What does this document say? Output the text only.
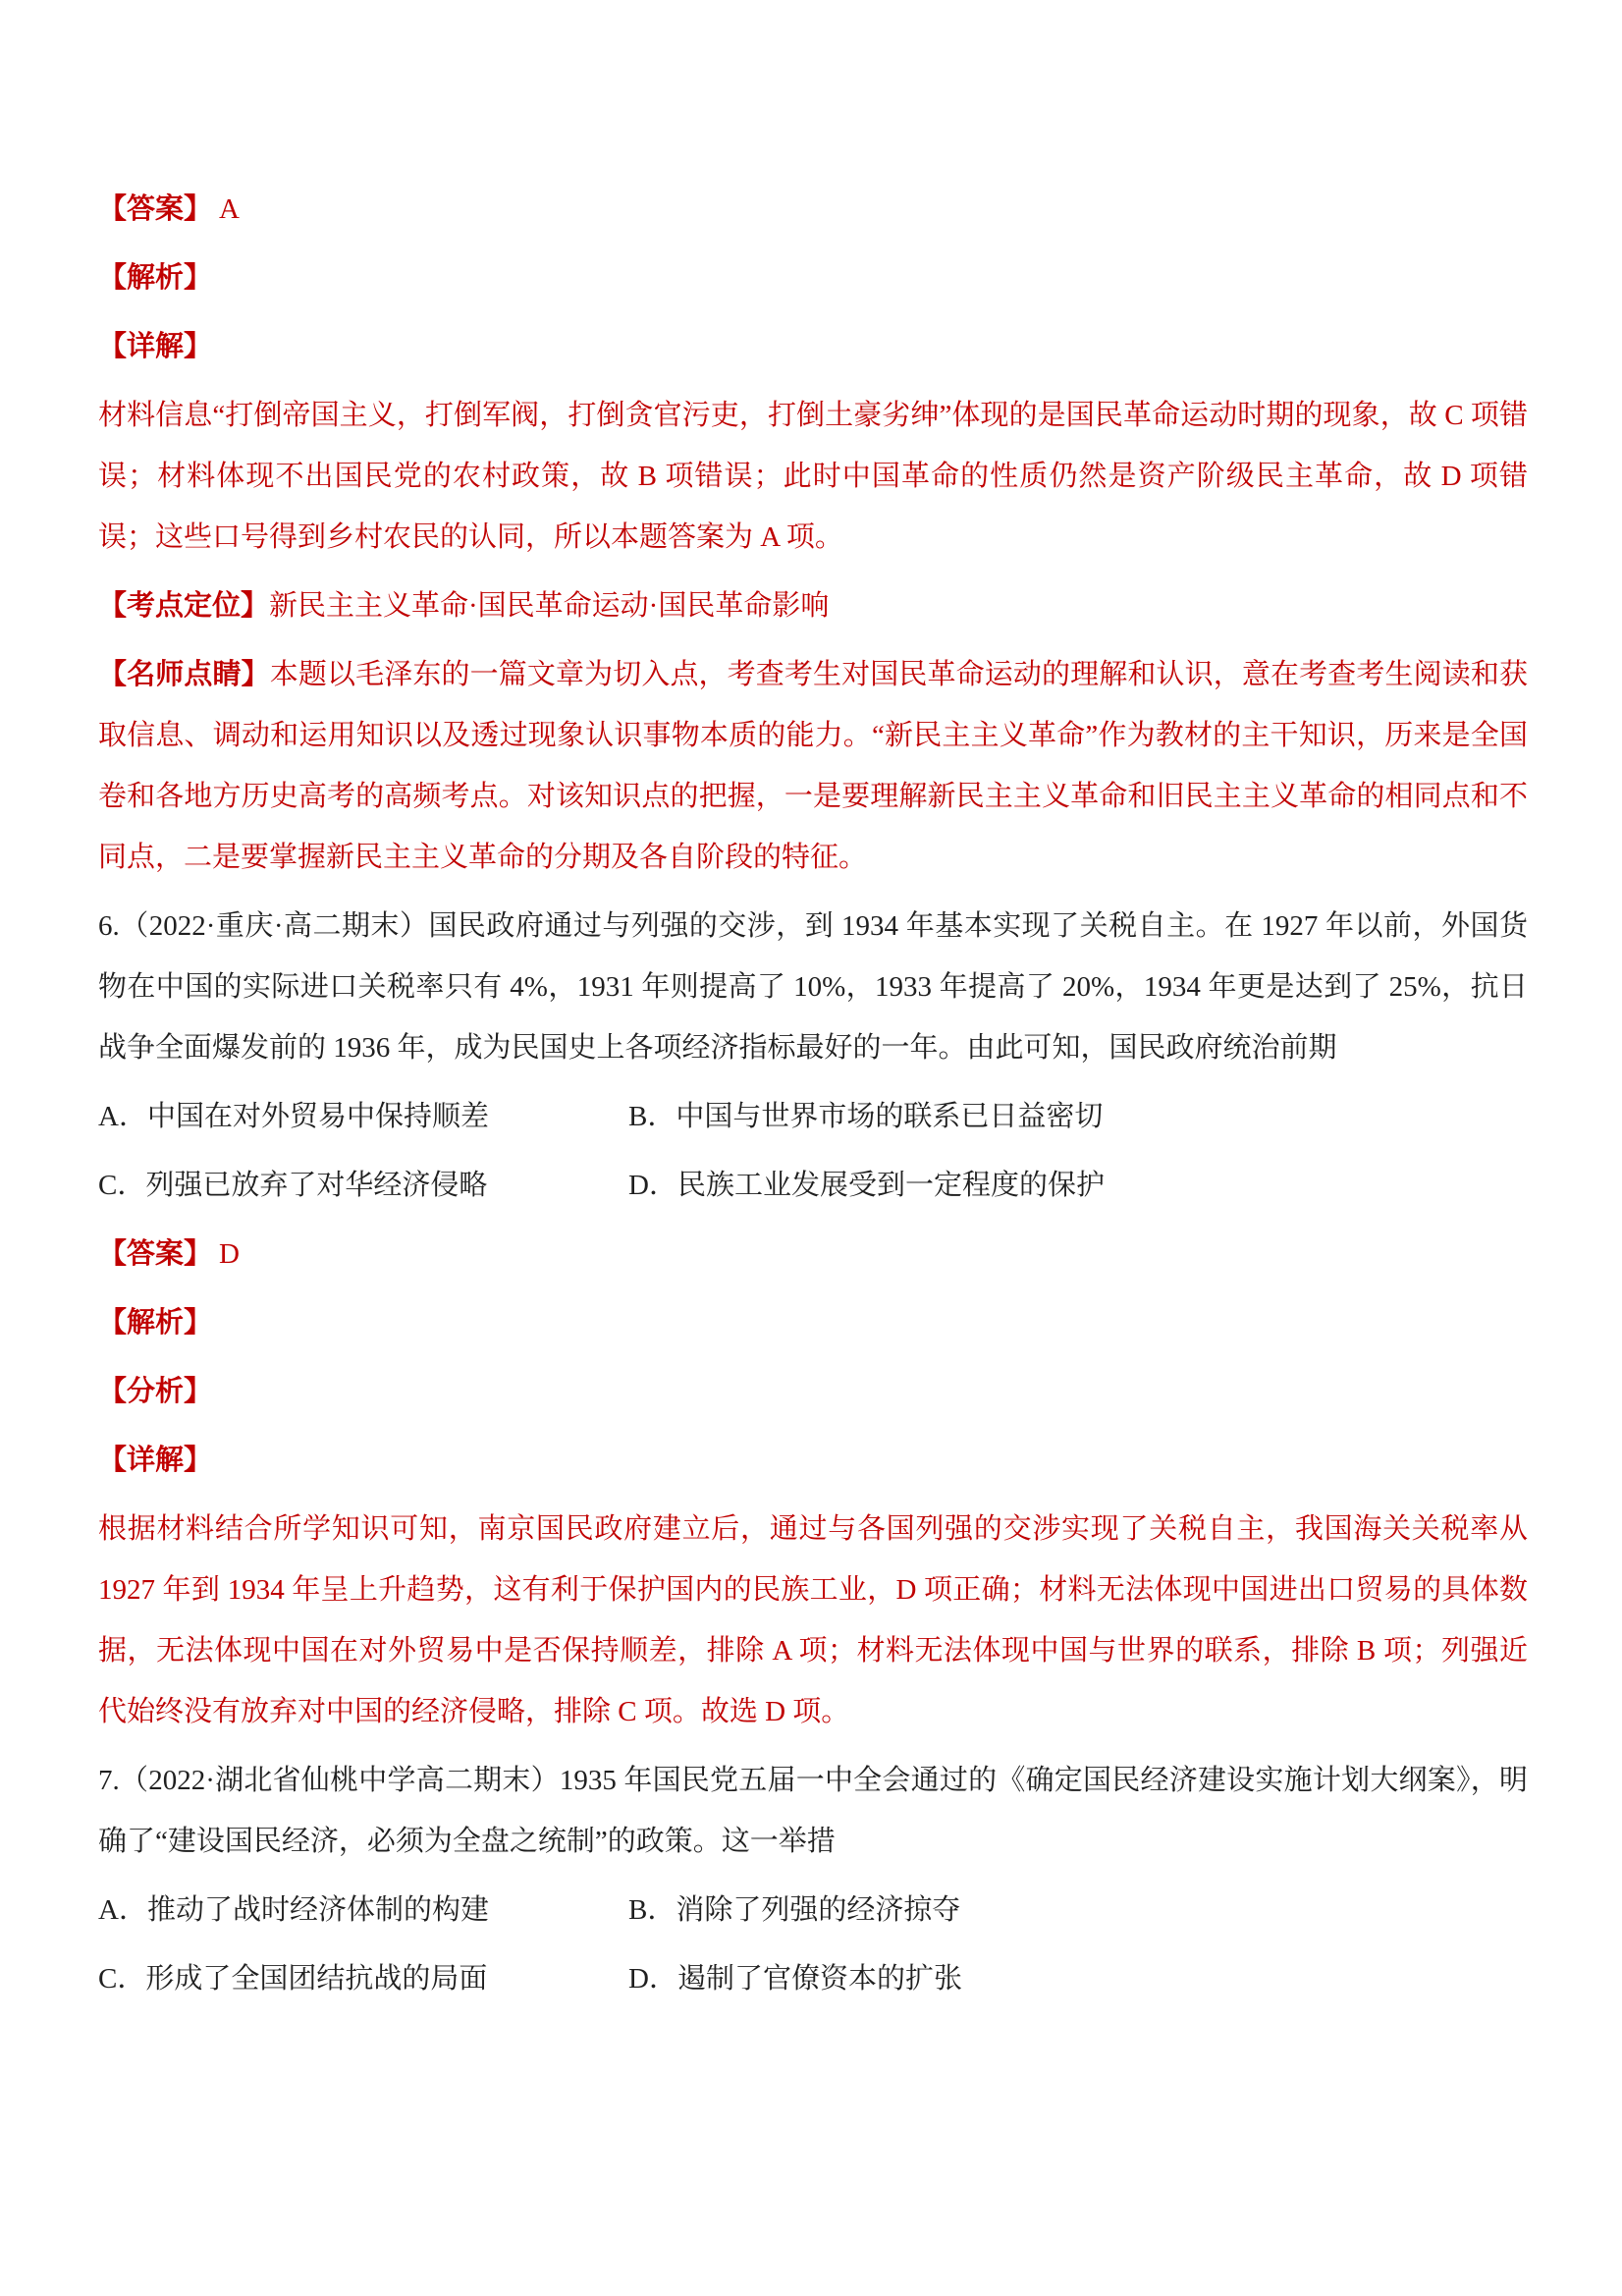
【答案】 A

【解析】

【详解】

材料信息“打倒帝国主义，打倒军阀，打倒贪官污吏，打倒土豪劣绅”体现的是国民革命运动时期的现象，故 C 项错误；材料体现不出国民党的农村政策，故 B 项错误；此时中国革命的性质仍然是资产阶级民主革命，故 D 项错误；这些口号得到乡村农民的认同，所以本题答案为 A 项。

【考点定位】新民主主义革命·国民革命运动·国民革命影响

【名师点睛】本题以毛泽东的一篇文章为切入点，考查考生对国民革命运动的理解和认识，意在考查考生阅读和获取信息、调动和运用知识以及透过现象认识事物本质的能力。“新民主主义革命”作为教材的主干知识，历来是全国卷和各地方历史高考的高频考点。对该知识点的把握，一是要理解新民主主义革命和旧民主主义革命的相同点和不同点，二是要掌握新民主主义革命的分期及各自阶段的特征。

6.（2022·重庆·高二期末）国民政府通过与列强的交涉，到 1934 年基本实现了关税自主。在 1927 年以前，外国货物在中国的实际进口关税率只有 4%，1931 年则提高了 10%，1933 年提高了 20%，1934 年更是达到了 25%，抗日战争全面爆发前的 1936 年，成为民国史上各项经济指标最好的一年。由此可知，国民政府统治前期

A．中国在对外贸易中保持顺差	B．中国与世界市场的联系已日益密切

C．列强已放弃了对华经济侵略	D．民族工业发展受到一定程度的保护

【答案】 D

【解析】

【分析】

【详解】

根据材料结合所学知识可知，南京国民政府建立后，通过与各国列强的交涉实现了关税自主，我国海关关税率从 1927 年到 1934 年呈上升趋势，这有利于保护国内的民族工业，D 项正确；材料无法体现中国进出口贸易的具体数据，无法体现中国在对外贸易中是否保持顺差，排除 A 项；材料无法体现中国与世界的联系，排除 B 项；列强近代始终没有放弃对中国的经济侵略，排除 C 项。故选 D 项。

7.（2022·湖北省仙桃中学高二期末）1935 年国民党五届一中全会通过的《确定国民经济建设实施计划大纲案》，明确了“建设国民经济，必须为全盘之统制”的政策。这一举措

A．推动了战时经济体制的构建	B．消除了列强的经济掠夺

C．形成了全国团结抗战的局面	D．遏制了官僚资本的扩张
